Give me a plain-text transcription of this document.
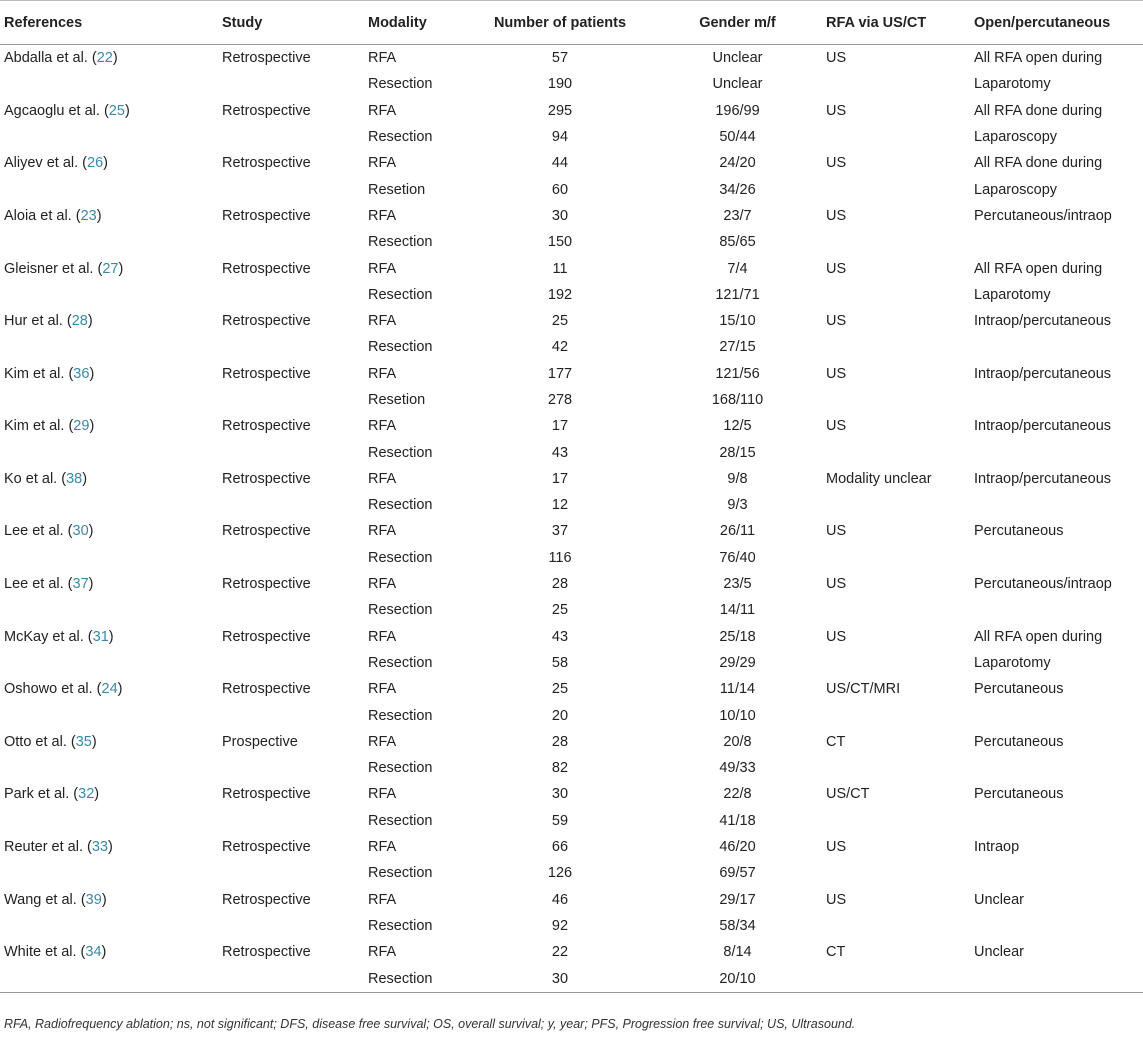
References	Study	Modality	Number of patients	Gender m/f	RFA via US/CT	Open/percutaneous
Abdalla et al. (22)	Retrospective	RFA	57	Unclear	US	All RFA open during
		Resection	190	Unclear		Laparotomy
Agcaoglu et al. (25)	Retrospective	RFA	295	196/99	US	All RFA done during
		Resection	94	50/44		Laparoscopy
Aliyev et al. (26)	Retrospective	RFA	44	24/20	US	All RFA done during
		Resetion	60	34/26		Laparoscopy
Aloia et al. (23)	Retrospective	RFA	30	23/7	US	Percutaneous/intraop
		Resection	150	85/65		
Gleisner et al. (27)	Retrospective	RFA	11	7/4	US	All RFA open during
		Resection	192	121/71		Laparotomy
Hur et al. (28)	Retrospective	RFA	25	15/10	US	Intraop/percutaneous
		Resection	42	27/15		
Kim et al. (36)	Retrospective	RFA	177	121/56	US	Intraop/percutaneous
		Resetion	278	168/110		
Kim et al. (29)	Retrospective	RFA	17	12/5	US	Intraop/percutaneous
		Resection	43	28/15		
Ko et al. (38)	Retrospective	RFA	17	9/8	Modality unclear	Intraop/percutaneous
		Resection	12	9/3		
Lee et al. (30)	Retrospective	RFA	37	26/11	US	Percutaneous
		Resection	116	76/40		
Lee et al. (37)	Retrospective	RFA	28	23/5	US	Percutaneous/intraop
		Resection	25	14/11		
McKay et al. (31)	Retrospective	RFA	43	25/18	US	All RFA open during
		Resection	58	29/29		Laparotomy
Oshowo et al. (24)	Retrospective	RFA	25	11/14	US/CT/MRI	Percutaneous
		Resection	20	10/10		
Otto et al. (35)	Prospective	RFA	28	20/8	CT	Percutaneous
		Resection	82	49/33		
Park et al. (32)	Retrospective	RFA	30	22/8	US/CT	Percutaneous
		Resection	59	41/18		
Reuter et al. (33)	Retrospective	RFA	66	46/20	US	Intraop
		Resection	126	69/57		
Wang et al. (39)	Retrospective	RFA	46	29/17	US	Unclear
		Resection	92	58/34		
White et al. (34)	Retrospective	RFA	22	8/14	CT	Unclear
		Resection	30	20/10		
RFA, Radiofrequency ablation; ns, not significant; DFS, disease free survival; OS, overall survival; y, year; PFS, Progression free survival; US, Ultrasound.
